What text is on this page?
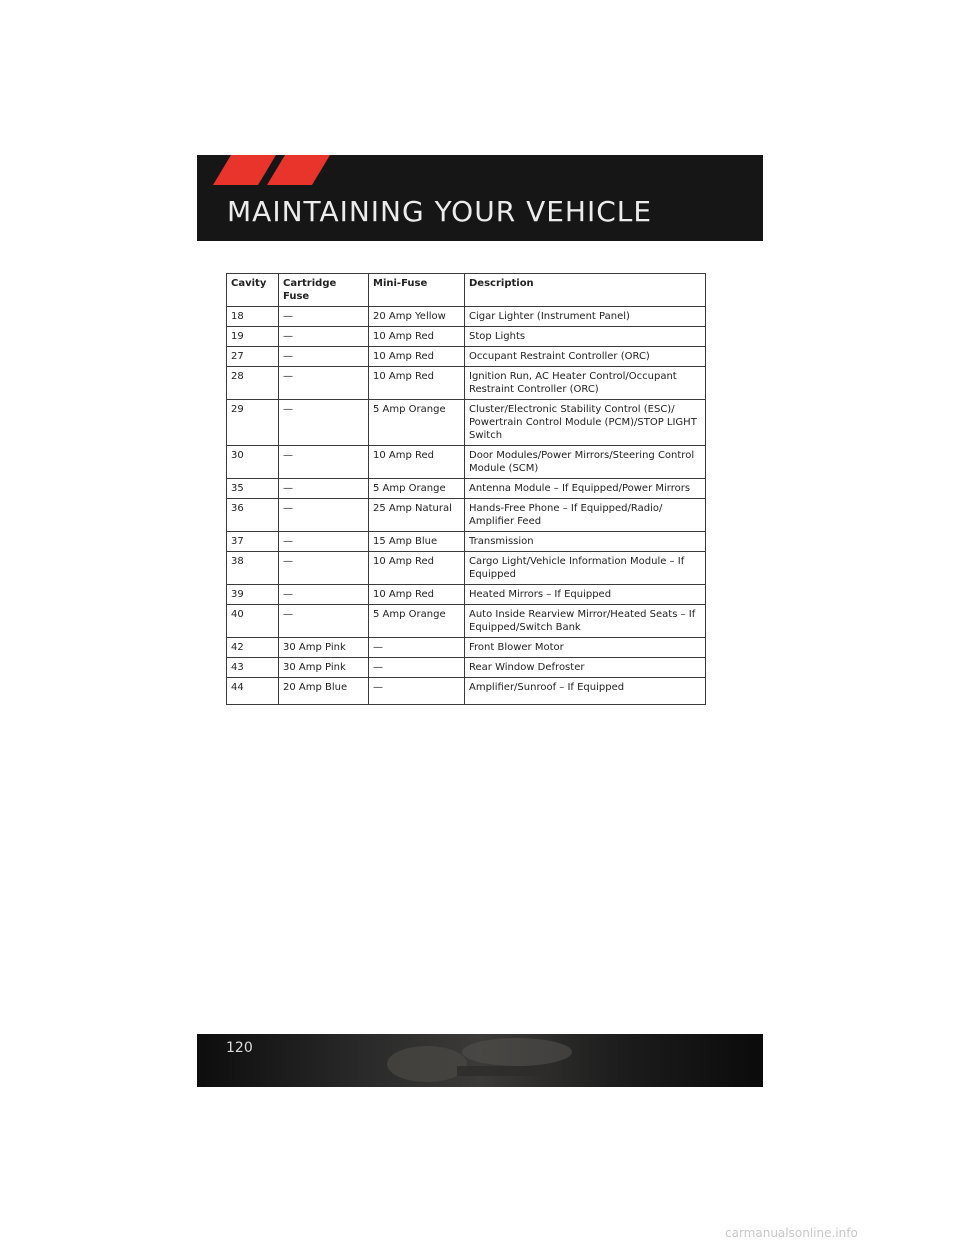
MAINTAINING YOUR VEHICLE
Cavity	Cartridge Fuse	Mini-Fuse	Description
18	—	20 Amp Yellow	Cigar Lighter (Instrument Panel)
19	—	10 Amp Red	Stop Lights
27	—	10 Amp Red	Occupant Restraint Controller (ORC)
28	—	10 Amp Red	Ignition Run, AC Heater Control/Occupant Restraint Controller (ORC)
29	—	5 Amp Orange	Cluster/Electronic Stability Control (ESC)/ Powertrain Control Module (PCM)/STOP LIGHT Switch
30	—	10 Amp Red	Door Modules/Power Mirrors/Steering Control Module (SCM)
35	—	5 Amp Orange	Antenna Module – If Equipped/Power Mirrors
36	—	25 Amp Natural	Hands-Free Phone – If Equipped/Radio/ Amplifier Feed
37	—	15 Amp Blue	Transmission
38	—	10 Amp Red	Cargo Light/Vehicle Information Module – If Equipped
39	—	10 Amp Red	Heated Mirrors – If Equipped
40	—	5 Amp Orange	Auto Inside Rearview Mirror/Heated Seats – If Equipped/Switch Bank
42	30 Amp Pink	—	Front Blower Motor
43	30 Amp Pink	—	Rear Window Defroster
44	20 Amp Blue	—	Amplifier/Sunroof – If Equipped
120
carmanualsonline.info
